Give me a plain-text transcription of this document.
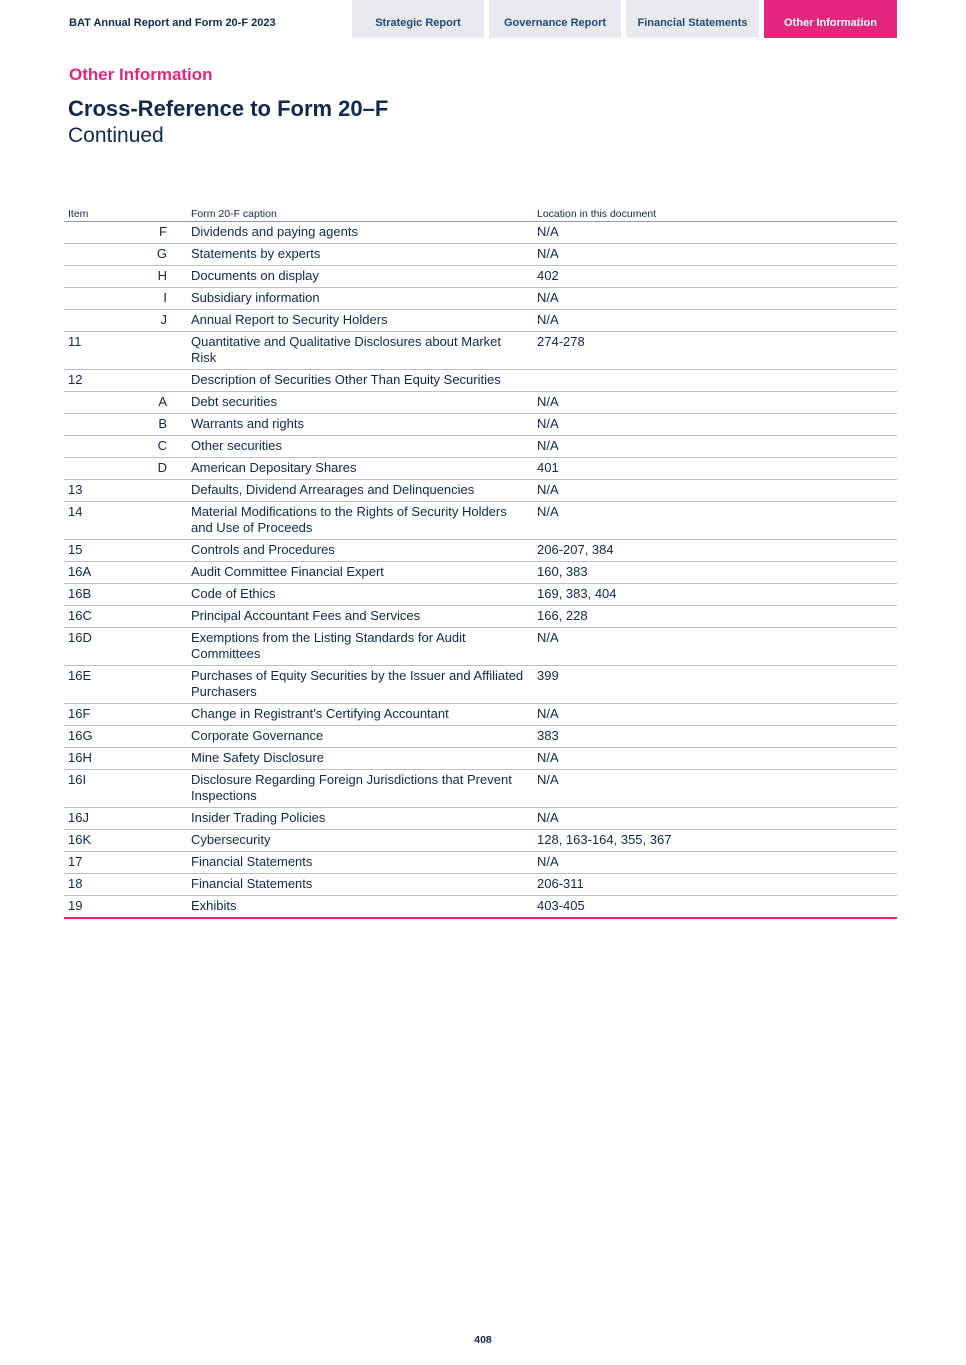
BAT Annual Report and Form 20-F 2023	Strategic Report	Governance Report	Financial Statements	Other Information
Other Information
Cross-Reference to Form 20–F
Continued
Item		Form 20-F caption	Location in this document
	F	Dividends and paying agents	N/A
	G	Statements by experts	N/A
	H	Documents on display	402
	I	Subsidiary information	N/A
	J	Annual Report to Security Holders	N/A
11		Quantitative and Qualitative Disclosures about Market Risk	274-278
12		Description of Securities Other Than Equity Securities	

	A	Debt securities	N/A
	B	Warrants and rights	N/A
	C	Other securities	N/A
	D	American Depositary Shares	401
13		Defaults, Dividend Arrearages and Delinquencies	N/A
14		Material Modifications to the Rights of Security Holders and Use of Proceeds	N/A
15		Controls and Procedures	206-207, 384
16A		Audit Committee Financial Expert	160, 383
16B		Code of Ethics	169, 383, 404
16C		Principal Accountant Fees and Services	166, 228
16D		Exemptions from the Listing Standards for Audit Committees	N/A
16E		Purchases of Equity Securities by the Issuer and Affiliated Purchasers	399
16F		Change in Registrant’s Certifying Accountant	N/A
16G		Corporate Governance	383
16H		Mine Safety Disclosure	N/A
16I		Disclosure Regarding Foreign Jurisdictions that Prevent Inspections	N/A
16J		Insider Trading Policies	N/A
16K		Cybersecurity	128, 163-164, 355, 367
17		Financial Statements	N/A
18		Financial Statements	206-311
19		Exhibits	403-405
408
